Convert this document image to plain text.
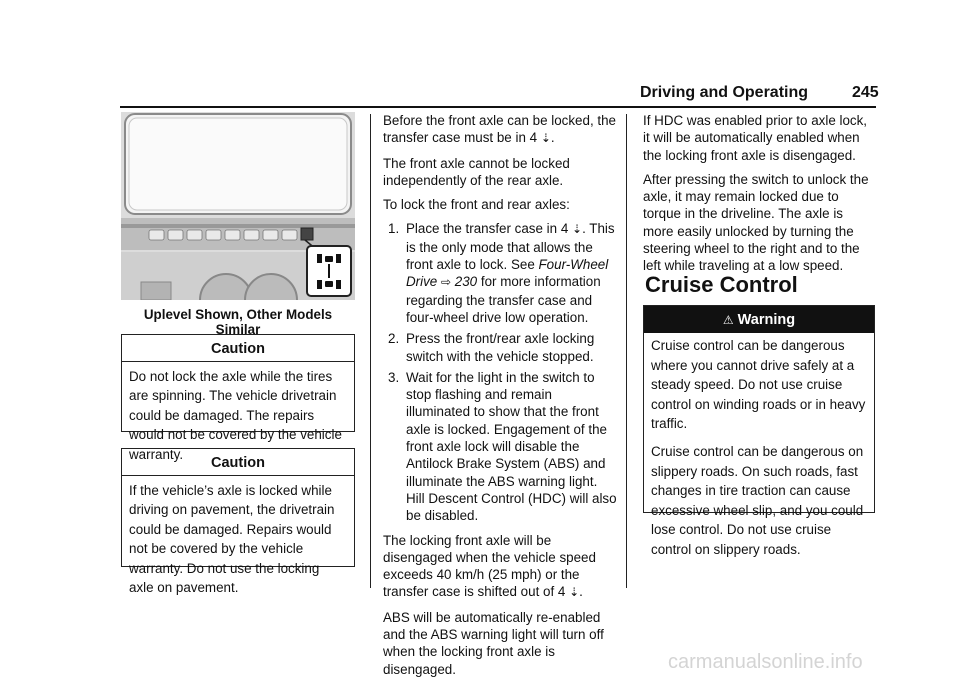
Driving and Operating	245
Uplevel Shown, Other Models Similar
Caution
Do not lock the axle while the tires are spinning. The vehicle drivetrain could be damaged. The repairs would not be covered by the vehicle warranty.
Caution
If the vehicle’s axle is locked while driving on pavement, the drivetrain could be damaged. Repairs would not be covered by the vehicle warranty. Do not use the locking axle on pavement.

Before the front axle can be locked, the transfer case must be in 4 ⇣.

The front axle cannot be locked independently of the rear axle.

To lock the front and rear axles:

1. Place the transfer case in 4 ⇣. This is the only mode that allows the front axle to lock. See Four-Wheel Drive ⇨ 230 for more information regarding the transfer case and four-wheel drive low operation.
2. Press the front/rear axle locking switch with the vehicle stopped.
3. Wait for the light in the switch to stop flashing and remain illuminated to show that the front axle is locked. Engagement of the front axle lock will disable the Antilock Brake System (ABS) and illuminate the ABS warning light. Hill Descent Control (HDC) will also be disabled.

The locking front axle will be disengaged when the vehicle speed exceeds 40 km/h (25 mph) or the transfer case is shifted out of 4 ⇣.

ABS will be automatically re-enabled and the ABS warning light will turn off when the locking front axle is disengaged.

If HDC was enabled prior to axle lock, it will be automatically enabled when the locking front axle is disengaged.

After pressing the switch to unlock the axle, it may remain locked due to torque in the driveline. The axle is more easily unlocked by turning the steering wheel to the right and to the left while traveling at a low speed.

Cruise Control
⚠ Warning

Cruise control can be dangerous where you cannot drive safely at a steady speed. Do not use cruise control on winding roads or in heavy traffic.

Cruise control can be dangerous on slippery roads. On such roads, fast changes in tire traction can cause excessive wheel slip, and you could lose control. Do not use cruise control on slippery roads.

carmanualsonline.info
